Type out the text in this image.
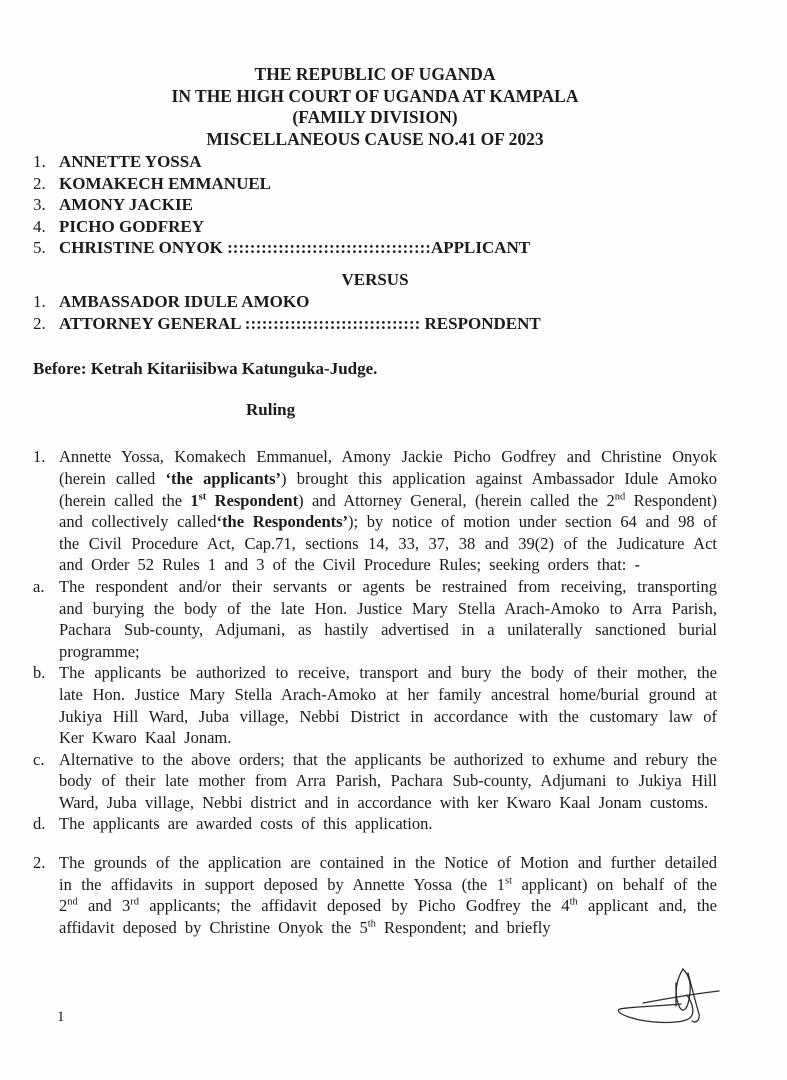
THE REPUBLIC OF UGANDA
IN THE HIGH COURT OF UGANDA AT KAMPALA
(FAMILY DIVISION)
MISCELLANEOUS CAUSE NO.41 OF 2023
1. ANNETTE YOSSA
2. KOMAKECH EMMANUEL
3. AMONY JACKIE
4. PICHO GODFREY
5. CHRISTINE ONYOK ::::::::::::::::::::::::::::::::::::APPLICANT
VERSUS
1. AMBASSADOR IDULE AMOKO
2. ATTORNEY GENERAL ::::::::::::::::::::::::::::::: RESPONDENT
Before: Ketrah Kitariisibwa Katunguka-Judge.
Ruling
1. Annette Yossa, Komakech Emmanuel, Amony Jackie Picho Godfrey and Christine Onyok (herein called ‘the applicants’) brought this application against Ambassador Idule Amoko (herein called the 1st Respondent) and Attorney General, (herein called the 2nd Respondent) and collectively called‘the Respondents’); by notice of motion under section 64 and 98 of the Civil Procedure Act, Cap.71, sections 14, 33, 37, 38 and 39(2) of the Judicature Act and Order 52 Rules 1 and 3 of the Civil Procedure Rules; seeking orders that: -
a. The respondent and/or their servants or agents be restrained from receiving, transporting and burying the body of the late Hon. Justice Mary Stella Arach-Amoko to Arra Parish, Pachara Sub-county, Adjumani, as hastily advertised in a unilaterally sanctioned burial programme;
b. The applicants be authorized to receive, transport and bury the body of their mother, the late Hon. Justice Mary Stella Arach-Amoko at her family ancestral home/burial ground at Jukiya Hill Ward, Juba village, Nebbi District in accordance with the customary law of Ker Kwaro Kaal Jonam.
c. Alternative to the above orders; that the applicants be authorized to exhume and rebury the body of their late mother from Arra Parish, Pachara Sub-county, Adjumani to Jukiya Hill Ward, Juba village, Nebbi district and in accordance with ker Kwaro Kaal Jonam customs.
d. The applicants are awarded costs of this application.
2. The grounds of the application are contained in the Notice of Motion and further detailed in the affidavits in support deposed by Annette Yossa (the 1st applicant) on behalf of the 2nd and 3rd applicants; the affidavit deposed by Picho Godfrey the 4th applicant and, the affidavit deposed by Christine Onyok the 5th Respondent; and briefly
1
